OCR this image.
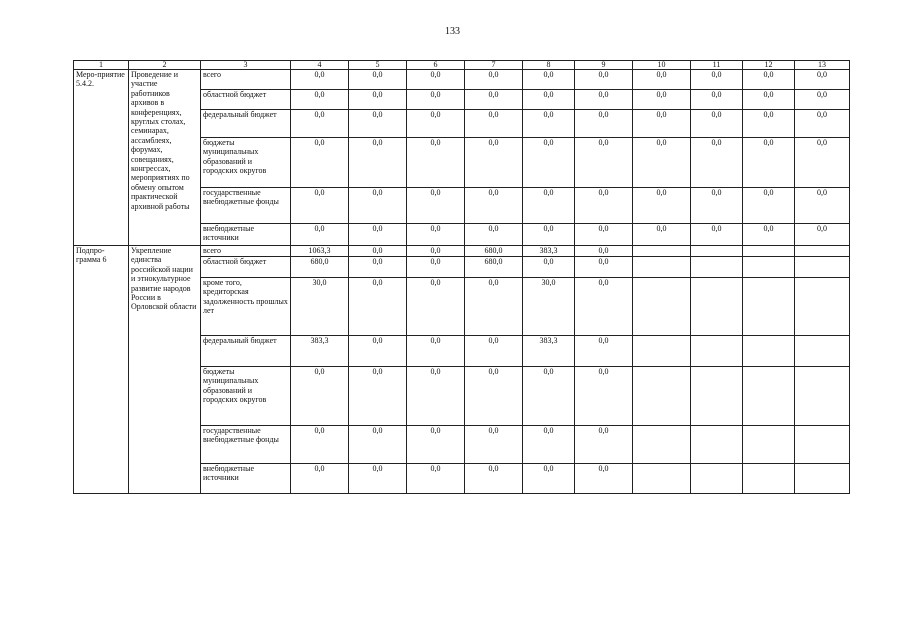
133
1	2	3	4	5	6	7	8	9	10	11	12	13
Меро-приятие 5.4.2.	Проведение и участие работников архивов в конференциях, круглых столах, семинарах, ассамблеях, форумах, совещаниях, конгрессах, мероприятиях по обмену опытом практической архивной работы	всего	0,0	0,0	0,0	0,0	0,0	0,0	0,0	0,0	0,0	0,0
		областной бюджет	0,0	0,0	0,0	0,0	0,0	0,0	0,0	0,0	0,0	0,0
		федеральный бюджет	0,0	0,0	0,0	0,0	0,0	0,0	0,0	0,0	0,0	0,0
		бюджеты муниципальных образований и городских округов	0,0	0,0	0,0	0,0	0,0	0,0	0,0	0,0	0,0	0,0
		государственные внебюджетные фонды	0,0	0,0	0,0	0,0	0,0	0,0	0,0	0,0	0,0	0,0
		внебюджетные источники	0,0	0,0	0,0	0,0	0,0	0,0	0,0	0,0	0,0	0,0
Подпро-грамма 6	Укрепление единства российской нации и этнокультурное развитие народов России в Орловской области	всего	1063,3	0,0	0,0	680,0	383,3	0,0				
		областной бюджет	680,0	0,0	0,0	680,0	0,0	0,0				
		кроме того, кредиторская задолженность прошлых лет	30,0	0,0	0,0	0,0	30,0	0,0				
		федеральный бюджет	383,3	0,0	0,0	0,0	383,3	0,0				
		бюджеты муниципальных образований и городских округов	0,0	0,0	0,0	0,0	0,0	0,0				
		государственные внебюджетные фонды	0,0	0,0	0,0	0,0	0,0	0,0				
		внебюджетные источники	0,0	0,0	0,0	0,0	0,0	0,0				
